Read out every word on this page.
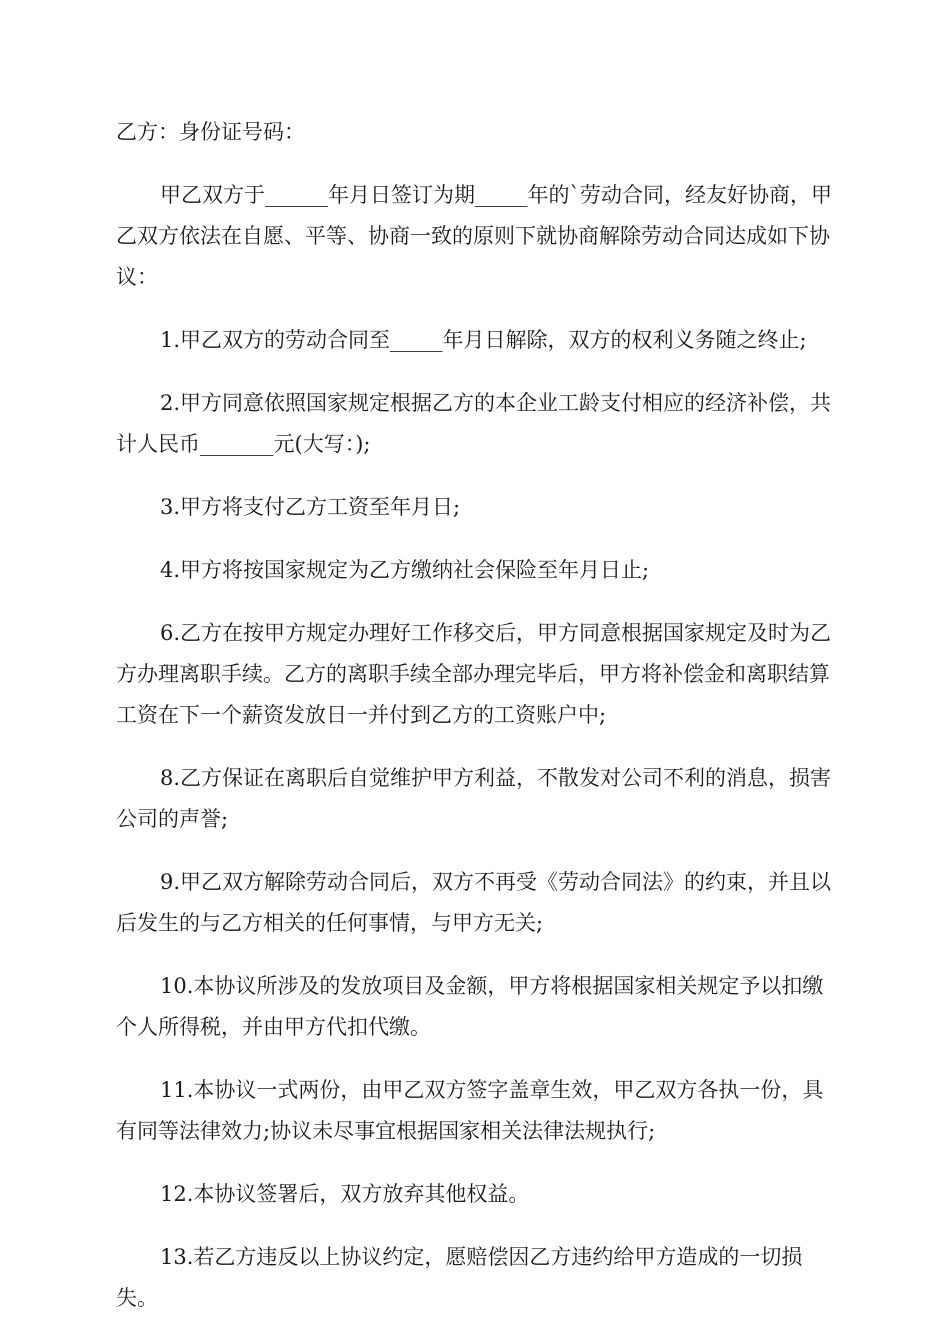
乙方：身份证号码：

甲乙双方于______年月日签订为期_____年的`劳动合同，经友好协商，甲乙双方依法在自愿、平等、协商一致的原则下就协商解除劳动合同达成如下协议：

1.甲乙双方的劳动合同至_____年月日解除，双方的权利义务随之终止;

2.甲方同意依照国家规定根据乙方的本企业工龄支付相应的经济补偿，共计人民币_______元(大写：);

3.甲方将支付乙方工资至年月日;

4.甲方将按国家规定为乙方缴纳社会保险至年月日止;

6.乙方在按甲方规定办理好工作移交后，甲方同意根据国家规定及时为乙方办理离职手续。乙方的离职手续全部办理完毕后，甲方将补偿金和离职结算工资在下一个薪资发放日一并付到乙方的工资账户中;

8.乙方保证在离职后自觉维护甲方利益，不散发对公司不利的消息，损害公司的声誉;

9.甲乙双方解除劳动合同后，双方不再受《劳动合同法》的约束，并且以后发生的与乙方相关的任何事情，与甲方无关;

10.本协议所涉及的发放项目及金额，甲方将根据国家相关规定予以扣缴个人所得税，并由甲方代扣代缴。

11.本协议一式两份，由甲乙双方签字盖章生效，甲乙双方各执一份，具有同等法律效力;协议未尽事宜根据国家相关法律法规执行;

12.本协议签署后，双方放弃其他权益。

13.若乙方违反以上协议约定，愿赔偿因乙方违约给甲方造成的一切损失。
